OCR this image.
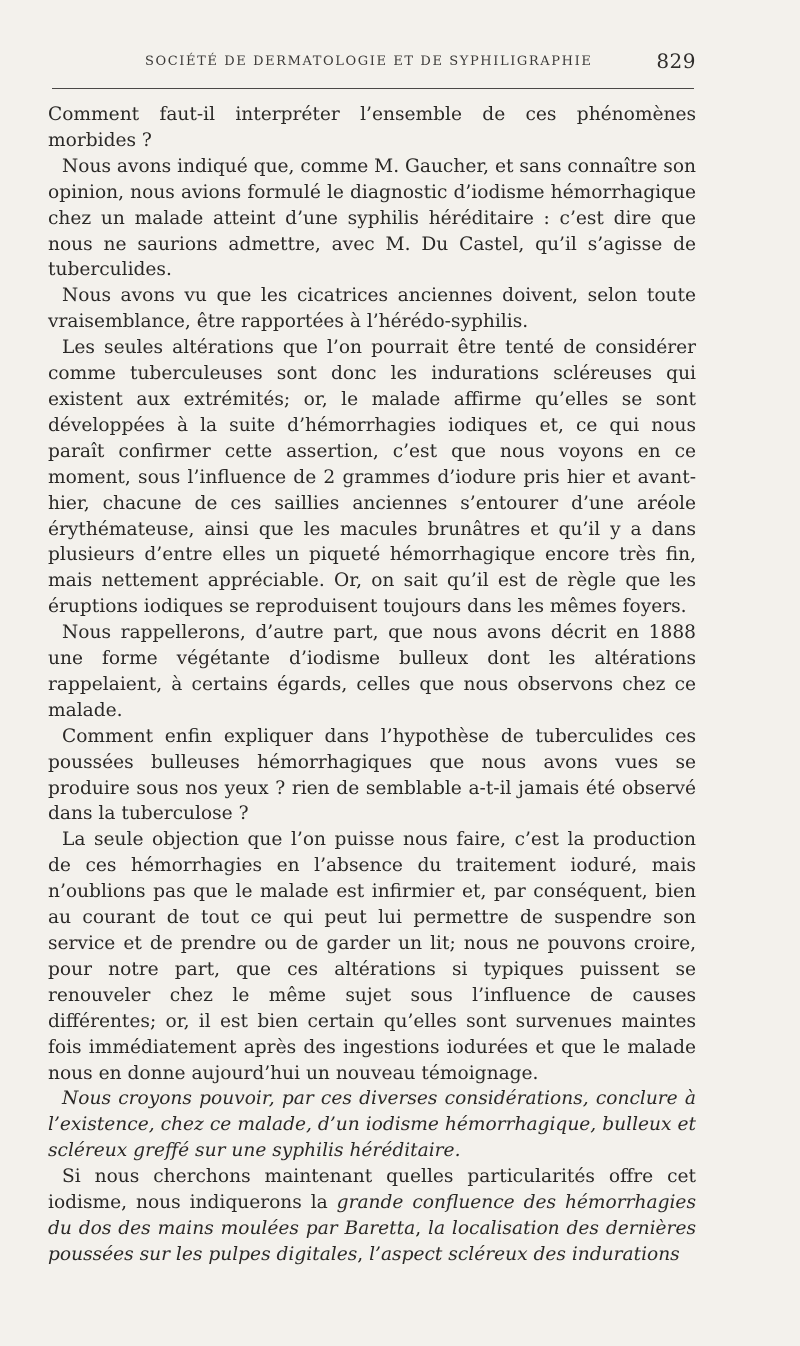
SOCIÉTÉ DE DERMATOLOGIE ET DE SYPHILIGRAPHIE	829

Comment faut-il interpréter l’ensemble de ces phénomènes morbides ?

Nous avons indiqué que, comme M. Gaucher, et sans connaître son opinion, nous avions formulé le diagnostic d’iodisme hémorrhagique chez un malade atteint d’une syphilis héréditaire : c’est dire que nous ne saurions admettre, avec M. Du Castel, qu’il s’agisse de tuberculides.

Nous avons vu que les cicatrices anciennes doivent, selon toute vraisemblance, être rapportées à l’hérédo-syphilis.

Les seules altérations que l’on pourrait être tenté de considérer comme tuberculeuses sont donc les indurations scléreuses qui existent aux extrémités; or, le malade affirme qu’elles se sont développées à la suite d’hémorrhagies iodiques et, ce qui nous paraît confirmer cette assertion, c’est que nous voyons en ce moment, sous l’influence de 2 grammes d’iodure pris hier et avant-hier, chacune de ces saillies anciennes s’entourer d’une aréole érythémateuse, ainsi que les macules brunâtres et qu’il y a dans plusieurs d’entre elles un piqueté hémorrhagique encore très fin, mais nettement appréciable. Or, on sait qu’il est de règle que les éruptions iodiques se reproduisent toujours dans les mêmes foyers.

Nous rappellerons, d’autre part, que nous avons décrit en 1888 une forme végétante d’iodisme bulleux dont les altérations rappelaient, à certains égards, celles que nous observons chez ce malade.

Comment enfin expliquer dans l’hypothèse de tuberculides ces poussées bulleuses hémorrhagiques que nous avons vues se produire sous nos yeux ? rien de semblable a-t-il jamais été observé dans la tuberculose ?

La seule objection que l’on puisse nous faire, c’est la production de ces hémorrhagies en l’absence du traitement ioduré, mais n’oublions pas que le malade est infirmier et, par conséquent, bien au courant de tout ce qui peut lui permettre de suspendre son service et de prendre ou de garder un lit; nous ne pouvons croire, pour notre part, que ces altérations si typiques puissent se renouveler chez le même sujet sous l’influence de causes différentes; or, il est bien certain qu’elles sont survenues maintes fois immédiatement après des ingestions iodurées et que le malade nous en donne aujourd’hui un nouveau témoignage.

Nous croyons pouvoir, par ces diverses considérations, conclure à l’existence, chez ce malade, d’un iodisme hémorrhagique, bulleux et scléreux greffé sur une syphilis héréditaire.

Si nous cherchons maintenant quelles particularités offre cet iodisme, nous indiquerons la grande confluence des hémorrhagies du dos des mains moulées par Baretta, la localisation des dernières poussées sur les pulpes digitales, l’aspect scléreux des indurations
